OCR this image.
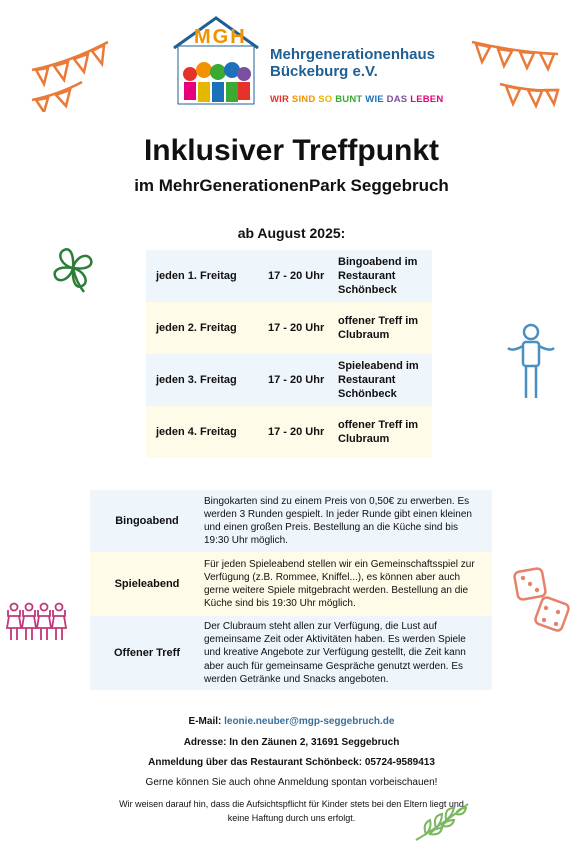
MGH
Mehrgenerationenhaus
Bückeburg e.V.
WIR SIND SO BUNT WIE DAS LEBEN
Inklusiver Treffpunkt
im MehrGenerationenPark Seggebruch
ab August 2025:
jeden 1. Freitag	17 - 20 Uhr
Bingoabend im Restaurant Schönbeck
jeden 2. Freitag	17 - 20 Uhr
offener Treff im Clubraum
jeden 3. Freitag	17 - 20 Uhr
Spieleabend im Restaurant Schönbeck
jeden 4. Freitag	17 - 20 Uhr
offener Treff im Clubraum
Bingoabend
Bingokarten sind zu einem Preis von 0,50€ zu erwerben. Es werden 3 Runden gespielt. In jeder Runde gibt einen kleinen und einen großen Preis. Bestellung an die Küche sind bis 19:30 Uhr möglich.
Spieleabend
Für jeden Spieleabend stellen wir ein Gemeinschaftsspiel zur Verfügung (z.B. Rommee, Kniffel...), es können aber auch gerne weitere Spiele mitgebracht werden. Bestellung an die Küche sind bis 19:30 Uhr möglich.
Offener Treff
Der Clubraum steht allen zur Verfügung, die Lust auf gemeinsame Zeit oder Aktivitäten haben. Es werden Spiele und kreative Angebote zur Verfügung gestellt, die Zeit kann aber auch für gemeinsame Gespräche genutzt werden. Es werden Getränke und Snacks angeboten.
E-Mail: leonie.neuber@mgp-seggebruch.de
Adresse: In den Zäunen 2, 31691 Seggebruch
Anmeldung über das Restaurant Schönbeck: 05724-9589413
Gerne können Sie auch ohne Anmeldung spontan vorbeischauen!
Wir weisen darauf hin, dass die Aufsichtspflicht für Kinder stets bei den Eltern liegt und
keine Haftung durch uns erfolgt.
